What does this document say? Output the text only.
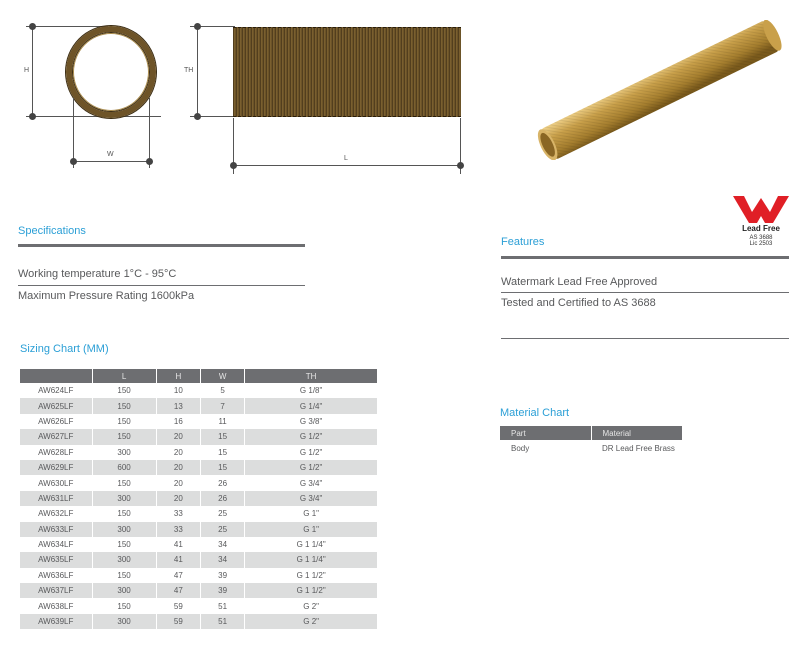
H
W
TH
L
Lead Free
AS 3688
Lic 2503
Specifications
Working temperature 1°C - 95°C
Maximum Pressure Rating 1600kPa
Features
Watermark Lead Free Approved
Tested and Certified to AS 3688
Sizing Chart (MM)
	L	H	W	TH
AW624LF	150	10	5	G 1/8"
AW625LF	150	13	7	G 1/4"
AW626LF	150	16	11	G 3/8"
AW627LF	150	20	15	G 1/2"
AW628LF	300	20	15	G 1/2"
AW629LF	600	20	15	G 1/2"
AW630LF	150	20	26	G 3/4"
AW631LF	300	20	26	G 3/4"
AW632LF	150	33	25	G 1"
AW633LF	300	33	25	G 1"
AW634LF	150	41	34	G 1 1/4"
AW635LF	300	41	34	G 1 1/4"
AW636LF	150	47	39	G 1 1/2"
AW637LF	300	47	39	G 1 1/2"
AW638LF	150	59	51	G 2"
AW639LF	300	59	51	G 2"
Material Chart
Part	Material
Body	DR Lead Free Brass
